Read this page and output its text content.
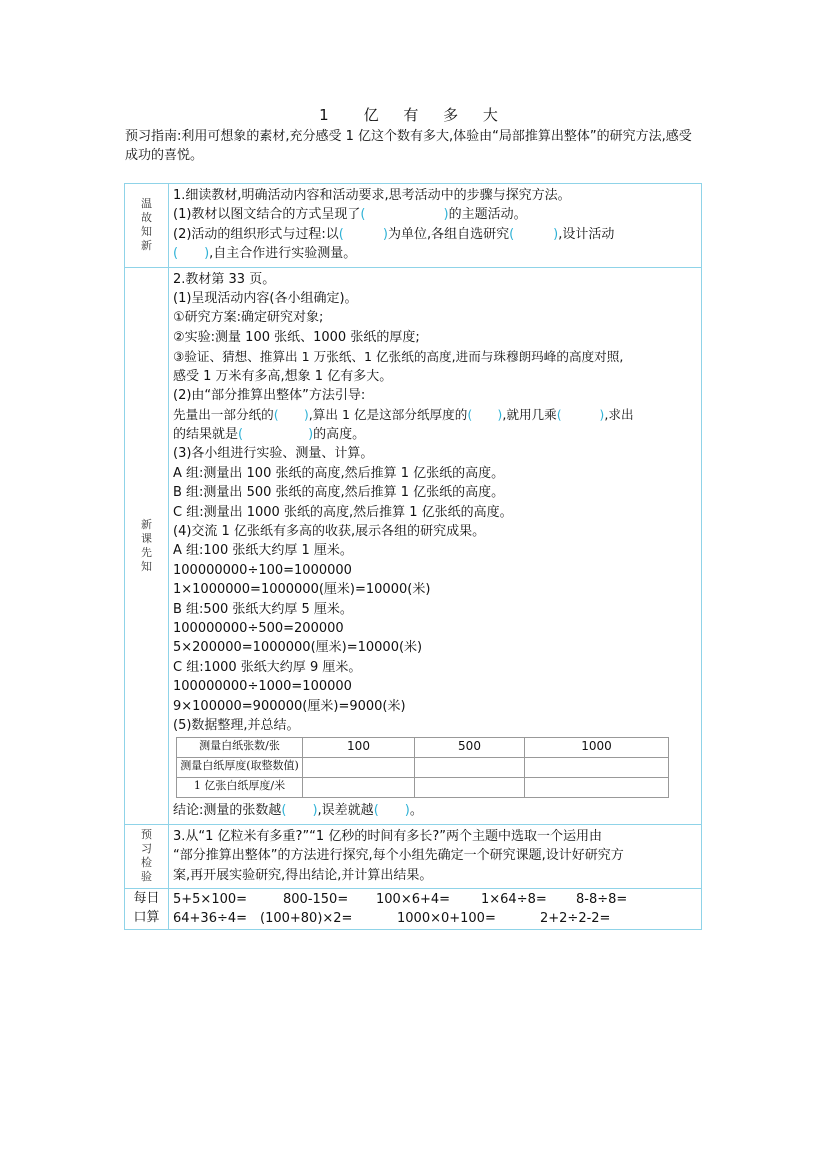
1　亿 有 多 大
预习指南:利用可想象的素材,充分感受 1 亿这个数有多大,体验由“局部推算出整体”的研究方法,感受成功的喜悦。
温故知新	
1.细读教材,明确活动内容和活动要求,思考活动中的步骤与探究方法。
(1)教材以图文结合的方式呈现了(　　　　　　)的主题活动。
(2)活动的组织形式与过程:以(　　　)为单位,各组自选研究(　　　),设计活动
(　　),自主合作进行实验测量。

新课先知	
2.教材第 33 页。
(1)呈现活动内容(各小组确定)。
①研究方案:确定研究对象;
②实验:测量 100 张纸、1000 张纸的厚度;
③验证、猜想、推算出 1 万张纸、1 亿张纸的高度,进而与珠穆朗玛峰的高度对照,
感受 1 万米有多高,想象 1 亿有多大。
(2)由“部分推算出整体”方法引导:
先量出一部分纸的(　　),算出 1 亿是这部分纸厚度的(　　),就用几乘(　　　),求出
的结果就是(　　　　　)的高度。
(3)各小组进行实验、测量、计算。
A 组:测量出 100 张纸的高度,然后推算 1 亿张纸的高度。
B 组:测量出 500 张纸的高度,然后推算 1 亿张纸的高度。
C 组:测量出 1000 张纸的高度,然后推算 1 亿张纸的高度。
(4)交流 1 亿张纸有多高的收获,展示各组的研究成果。
A 组:100 张纸大约厚 1 厘米。
100000000÷100=1000000
1×1000000=1000000(厘米)=10000(米)
B 组:500 张纸大约厚 5 厘米。
100000000÷500=200000
5×200000=1000000(厘米)=10000(米)
C 组:1000 张纸大约厚 9 厘米。
100000000÷1000=100000
9×100000=900000(厘米)=9000(米)
(5)数据整理,并总结。
测量白纸张数/张	100	500	1000
测量白纸厚度(取整数值)			
1 亿张白纸厚度/米			
结论:测量的张数越(　　),误差就越(　　)。

预习检验	
3.从“1 亿粒米有多重?”“1 亿秒的时间有多长?”两个主题中选取一个运用由
“部分推算出整体”的方法进行探究,每个小组先确定一个研究课题,设计好研究方
案,再开展实验研究,得出结论,并计算出结果。

每日
口算

5+5×100=	800-150= 100×6+4= 1×64÷8= 8-8÷8=
64+36÷4= (100+80)×2=	1000×0+100=	2+2÷2-2=
